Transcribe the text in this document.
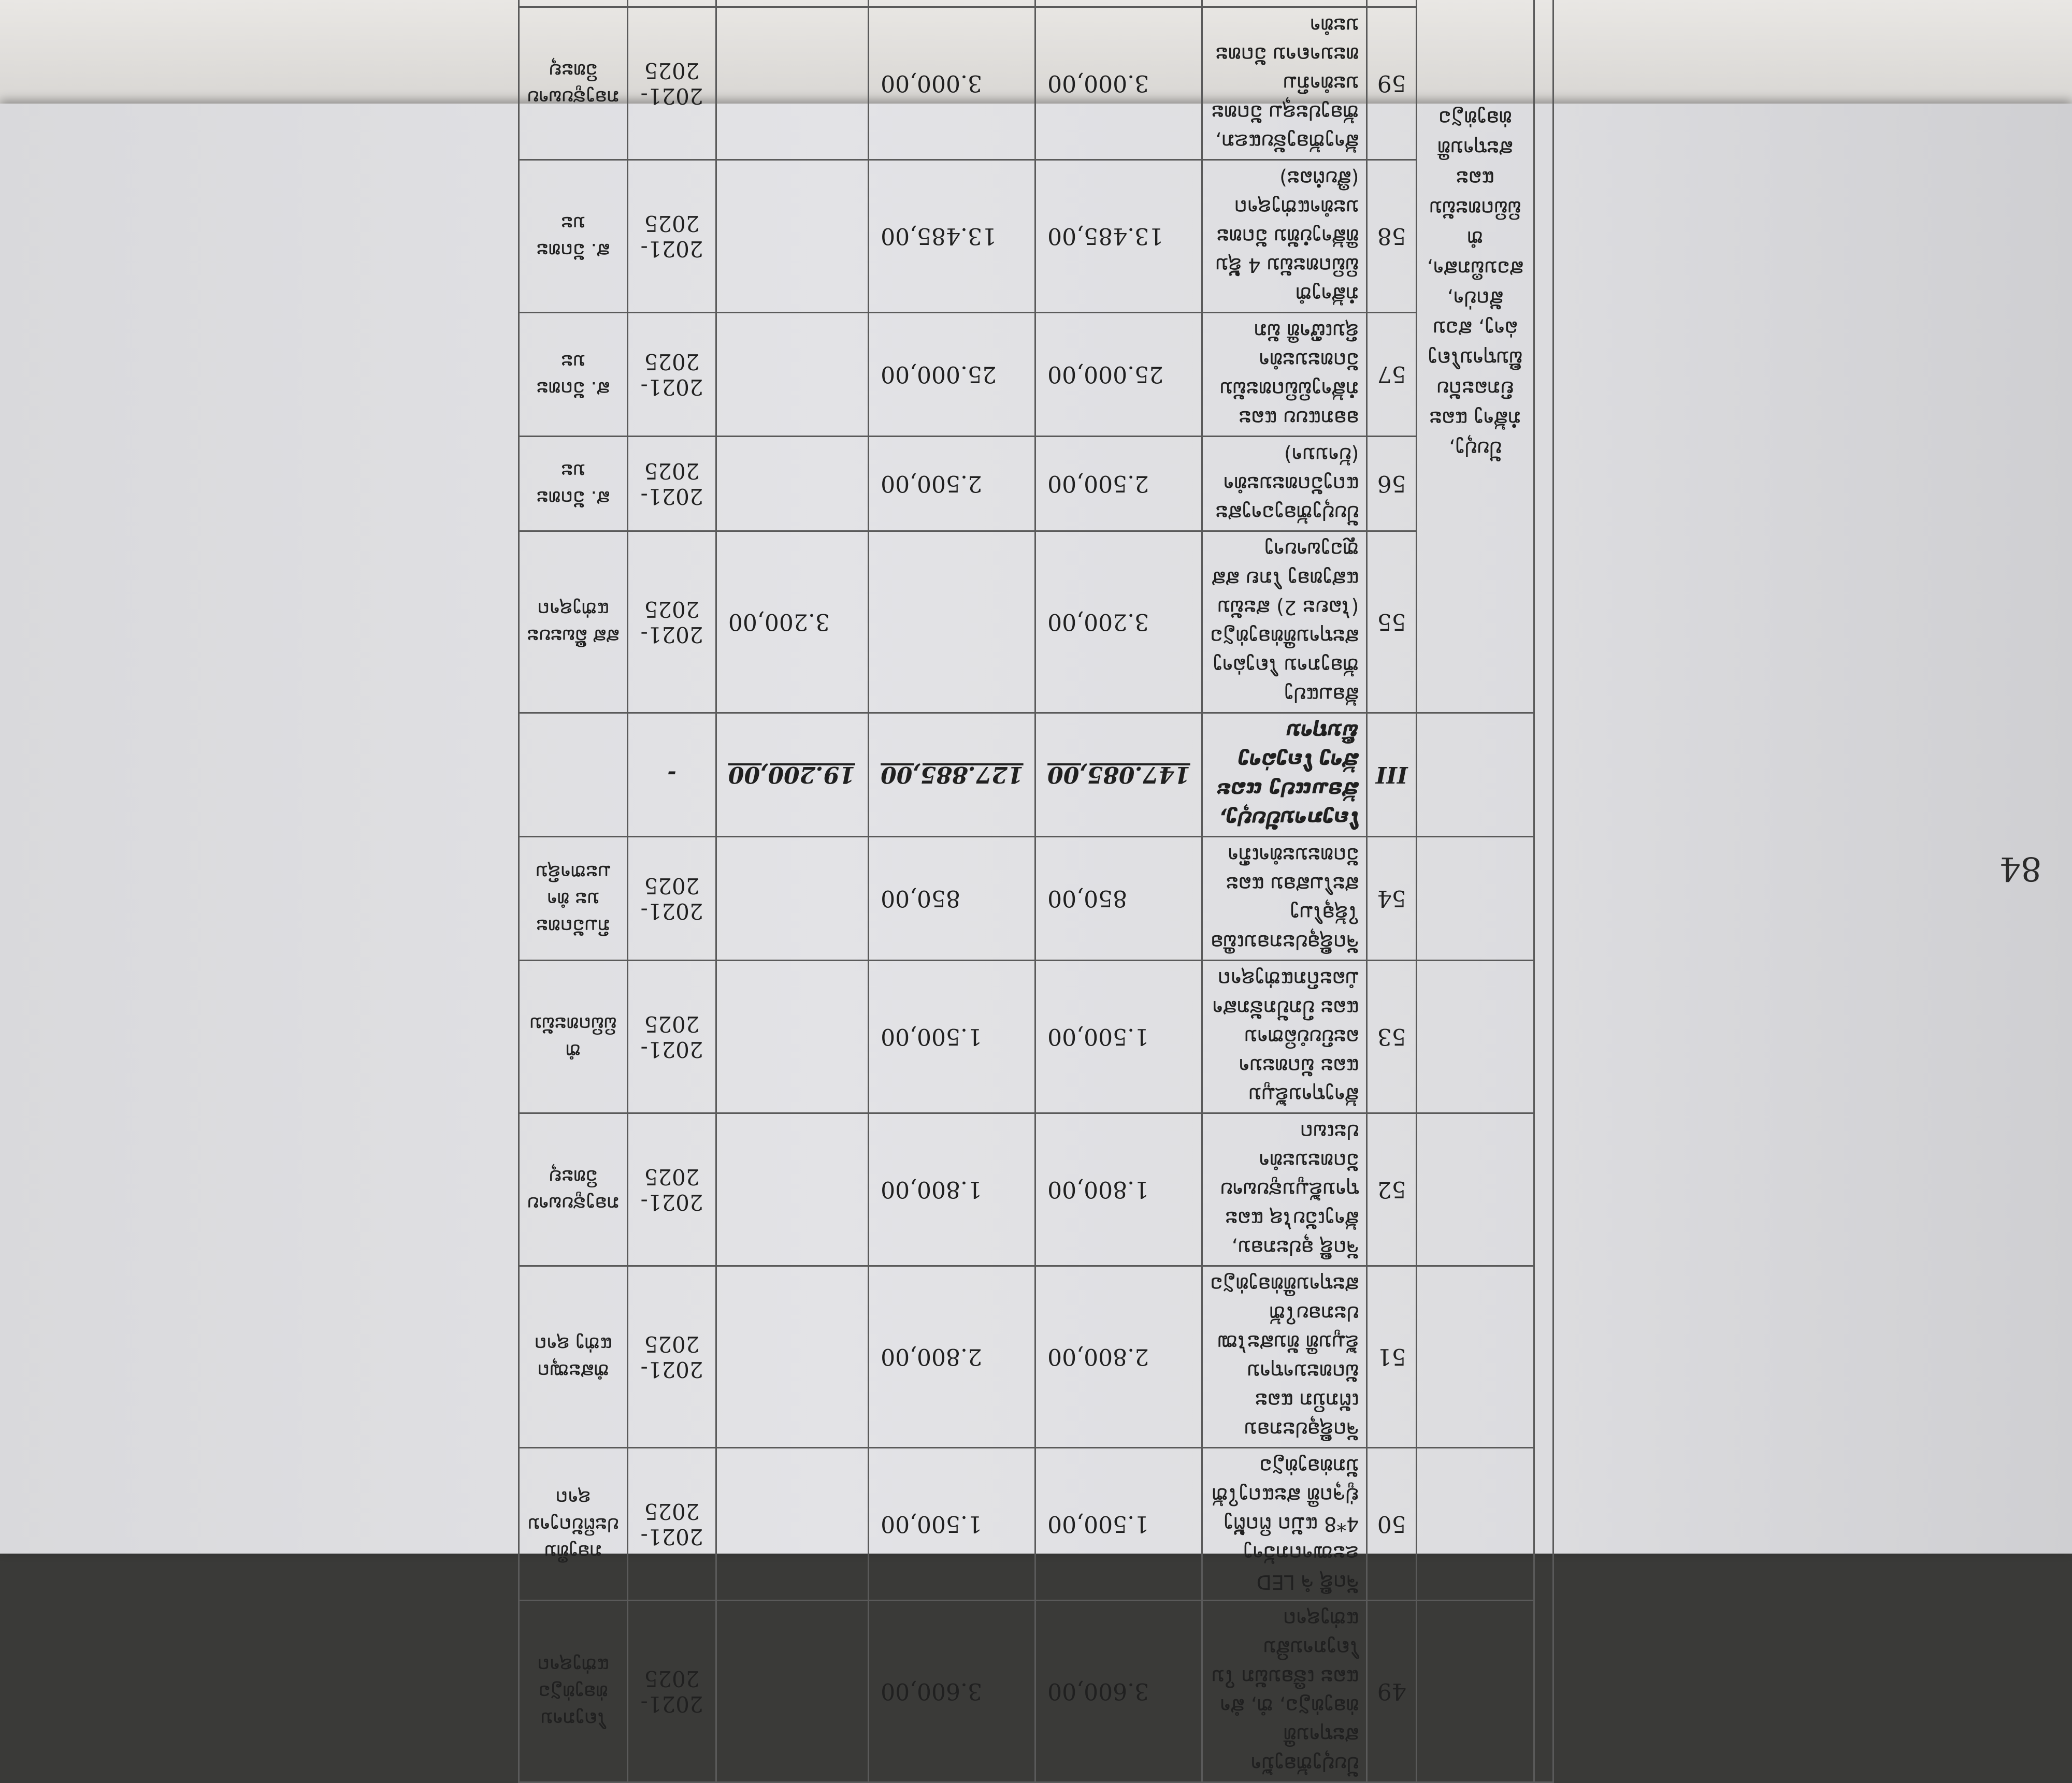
84
		49	ປັບປຸງຫ້ອງນ້ຳສະຖານທີ່ທ່ອງທ່ຽວ, ຫໍ, ສຳ ແລະ ເຮືອນພັກ ໃນໂຄງການສິນແຫ່ງຊາດ	3.600,00	3.600,00		2021-2025	ໂຄງການທ່ອງທ່ຽວ ແຫ່ງຊາດ
		50	ຈັດຊື້ ຈໍ LED ຂະໜາດກວ້າງ 4*8 ແມັດ ຕິດຕັ້ງຢູ່ຈຸດທີ່ ສະແດງໃຫ້ນັກທ່ອງທ່ຽວ	1.500,00	1.500,00		2021-2025	ກອງທຶນ ປະຕິບັດງານ ຊາດ
		51	ຈັດຊື້ອຸປະກອນ ເຕັກນິກ ແລະ ພັດທະນາຖານຂໍ້ມູນທີ່ ທັນສະໄໝ ປະກອບໃຫ້ສະຖານທີ່ທ່ອງທ່ຽວ	2.800,00	2.800,00		2021-2025	ຫໍສະໝຸດແຫ່ງ ຊາດ
		52	ຈັດຊື້ ອຸປະກອນ, ສ້າງເວັບໄຊ ແລະ ຖານຂໍ້ມູນຮູບພາບ ວັດທະນະທໍາປະເພດ	1.800,00	1.800,00		2021-2025	ກອງຮູບພາບ ວິທະຍຸ
		53	ສ້າງຖານຂໍ້ມູນ ແລະ ພັດທະນາລະບົບບໍລິຫານ ແລະ ປົກປັກຮັກສາມໍລະດົກແຫ່ງຊາດ	1.500,00	1.500,00		2021-2025	ຫໍພິພິດທະພັນ
		54	ຈັດຊື້ອຸປະກອນເພື່ອໃຊ້ອຸໂມງ ສະໂມສອນ ແລະ ວັດທະນະທໍາເກົ່າ	850,00	850,00		2021-2025	ກົມວັດທະນະ ທໍາມະຫາຊົນ
		III	ໂຄງການປັບປຸງ, ສ້ອມແປງ ແລະ ສ້າງ ໂຄງລ່າງພື້ນຖານ	147.085,00	127.885,00	19.200,00	-	
	ປັບປຸງ, ກໍ່ສ້າງ ແລະ ຍົກລະດັບພື້ນຖານໂຄງລ່າງ, ສວນສັດປ່າ, ສວນພຶກສາ, ຫໍພິພິດທະພັນ ແລະ ສະຖານທີ່ທ່ອງທ່ຽວ	55	ສ້ອມແປງຫ້ອງການ ໂຄງລ່າງສະຖານທີ່ທ່ອງທ່ຽວ (ໄລຍະ 2) ສະພັນແສງທອງ ໂກຍ ສສ ຫຼວງພາບາງ	3.200,00		3.200,00	2021-2025	ສສ ລື້ພະບະ ແຫ່ງຊາດ
		56	ປັບປຸງຫ້ອງວາງສະແດງວັດທະນະທໍາ (ບ້ານນາ)	2.500,00	2.500,00		2021-2025	ສ. ວັດທະນະ
		57	ອອກແບບ ແລະ ກໍ່ສ້າງພິພິດທະພັນວັດທະນະທໍາຊົນເຜົ່າທີ່ ພັກ	25.000,00	25.000,00		2021-2025	ສ. ວັດທະນະ
		58	ກໍ່ສ້າງຫໍພິພິດທະພັນ 4 ຊັ້ນ ທີ່ສ້າງບໍ່ທັນ ວັດທະນະທໍາແຫ່ງຊາດ (ສືບຕໍ່ລະ)	13.485,00	13.485,00		2021-2025	ສ. ວັດທະນະ
		59	ສ້າງຫ້ອງຮັບແຂກ, ຫ້ອງປະຊຸມ ວັດທະນະທໍາກົມທະນາຄານ ວັດທະນະທໍາ	3.000,00	3.000,00		2021-2025	ກອງຮູບພາບ ວິທະຍຸ
